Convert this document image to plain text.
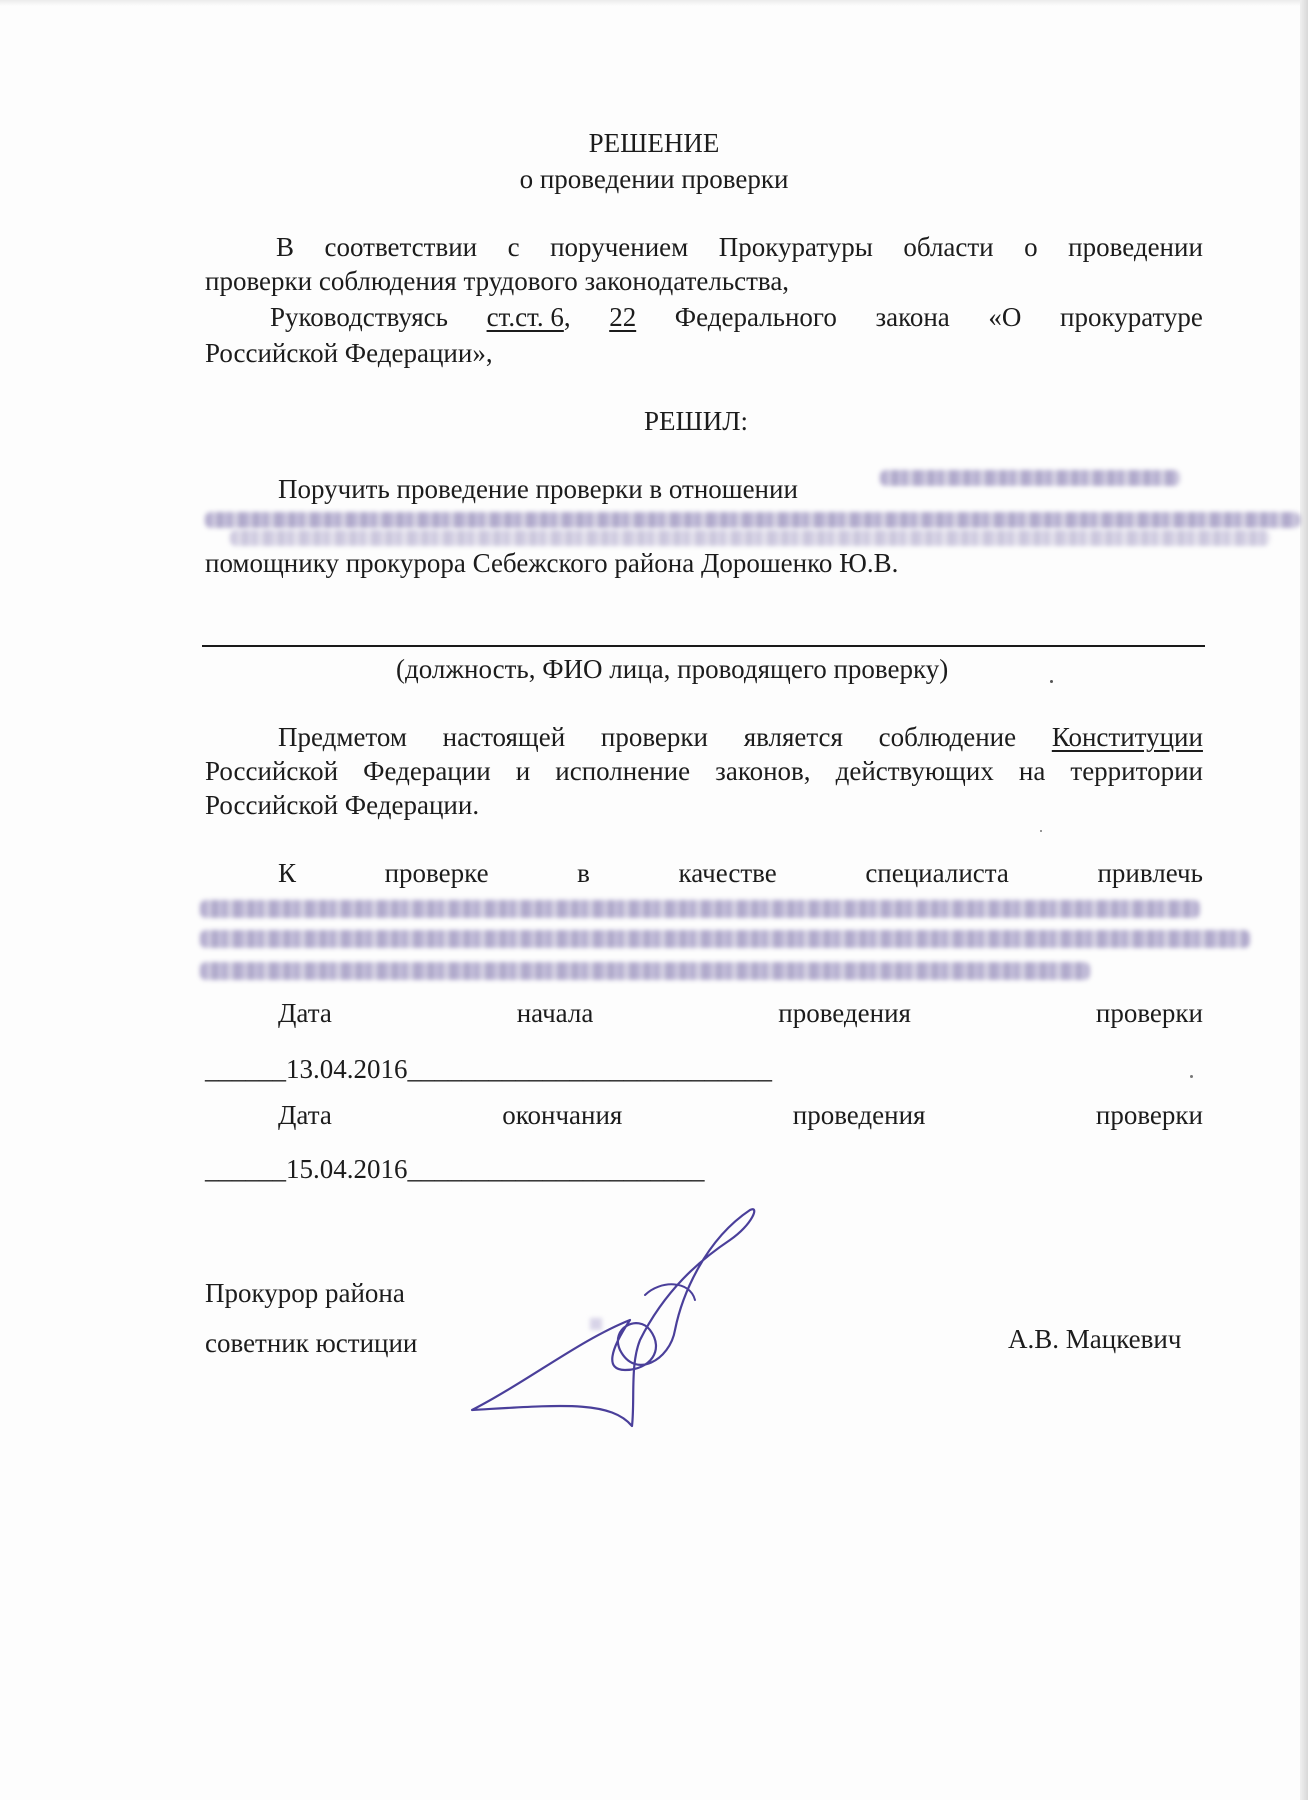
РЕШЕНИЕ
о проведении проверки
В соответствии с поручением Прокуратуры области о проведении
проверки соблюдения трудового законодательства,
Руководствуясь ст.ст. 6, 22 Федерального закона «О прокуратуре
Российской Федерации»,
РЕШИЛ:
Поручить проведение проверки в отношении
помощнику прокурора Себежского района Дорошенко Ю.В.
(должность, ФИО лица, проводящего проверку)
Предметом настоящей проверки является соблюдение Конституции
Российской Федерации и исполнение законов, действующих на территории
Российской Федерации.
К	проверке	в	качестве	специалиста	привлечь
Дата	начала	проведения	проверки
______13.04.2016___________________________
Дата	окончания	проведения	проверки
______15.04.2016______________________
Прокурор района
советник юстиции	А.В. Мацкевич
